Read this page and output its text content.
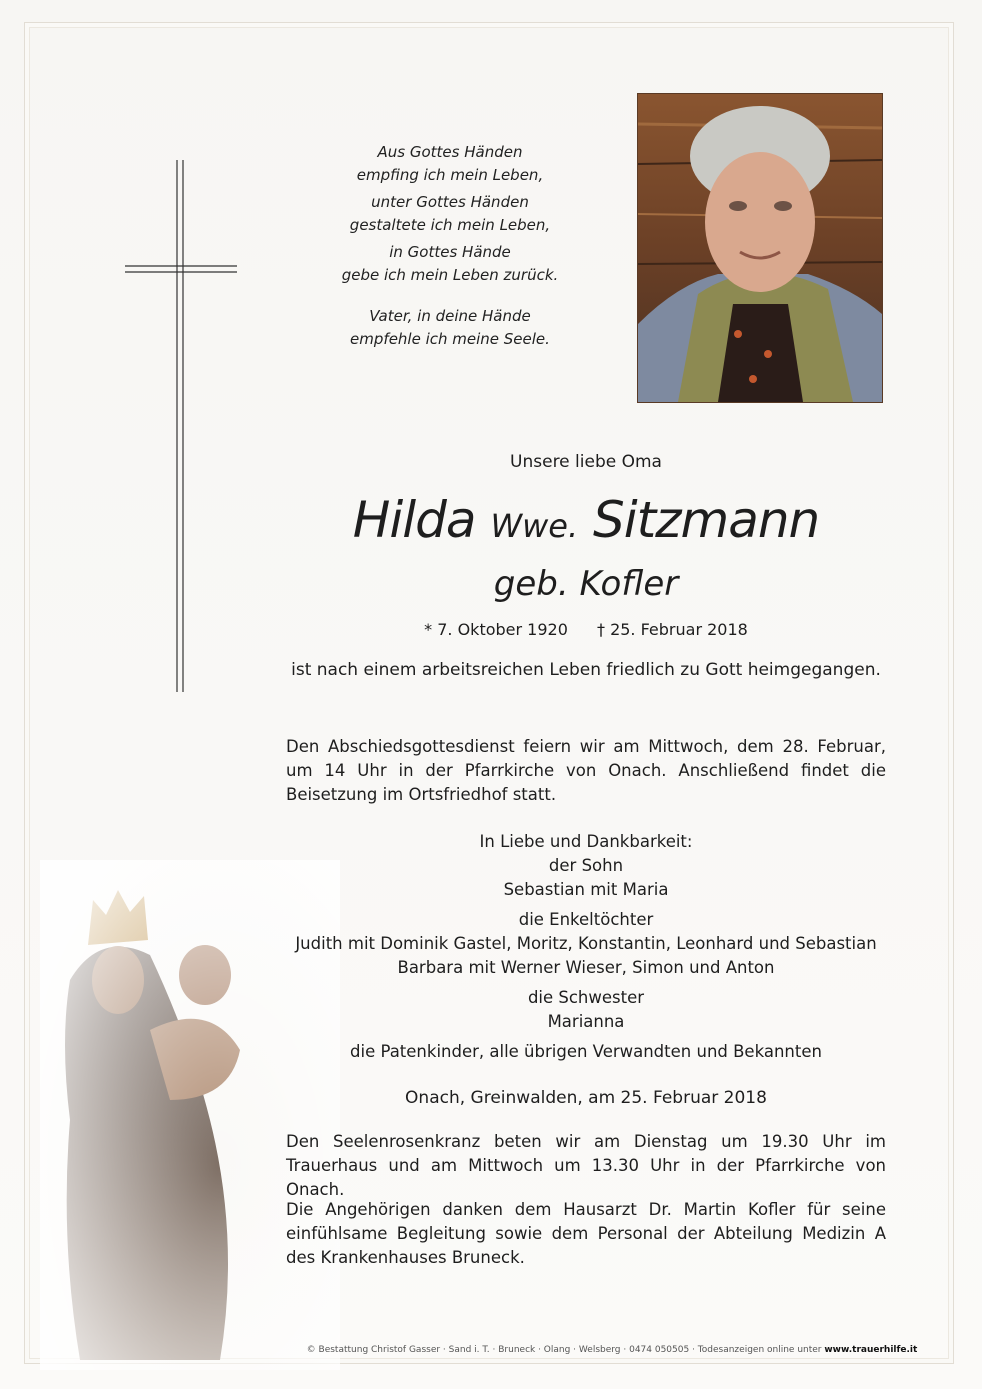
Aus Gottes Händen
empfing ich mein Leben,
unter Gottes Händen
gestaltete ich mein Leben,
in Gottes Hände
gebe ich mein Leben zurück.
Vater, in deine Hände
empfehle ich meine Seele.
Unsere liebe Oma
Hilda Wwe. Sitzmann
geb. Kofler
* 7. Oktober 1920 † 25. Februar 2018
ist nach einem arbeitsreichen Leben friedlich zu Gott heimgegangen.
Den Abschiedsgottesdienst feiern wir am Mittwoch, dem 28. Februar, um 14 Uhr in der Pfarrkirche von Onach. Anschließend findet die Beisetzung im Ortsfriedhof statt.
In Liebe und Dankbarkeit:
der Sohn
Sebastian mit Maria
die Enkeltöchter
Judith mit Dominik Gastel, Moritz, Konstantin, Leonhard und Sebastian
Barbara mit Werner Wieser, Simon und Anton
die Schwester
Marianna
die Patenkinder, alle übrigen Verwandten und Bekannten
Onach, Greinwalden, am 25. Februar 2018
Den Seelenrosenkranz beten wir am Dienstag um 19.30 Uhr im Trauerhaus und am Mittwoch um 13.30 Uhr in der Pfarrkirche von Onach.
Die Angehörigen danken dem Hausarzt Dr. Martin Kofler für seine einfühlsame Begleitung sowie dem Personal der Abteilung Medizin A des Krankenhauses Bruneck.
© Bestattung Christof Gasser · Sand i. T. · Bruneck · Olang · Welsberg · 0474 050505 · Todesanzeigen online unter www.trauerhilfe.it
